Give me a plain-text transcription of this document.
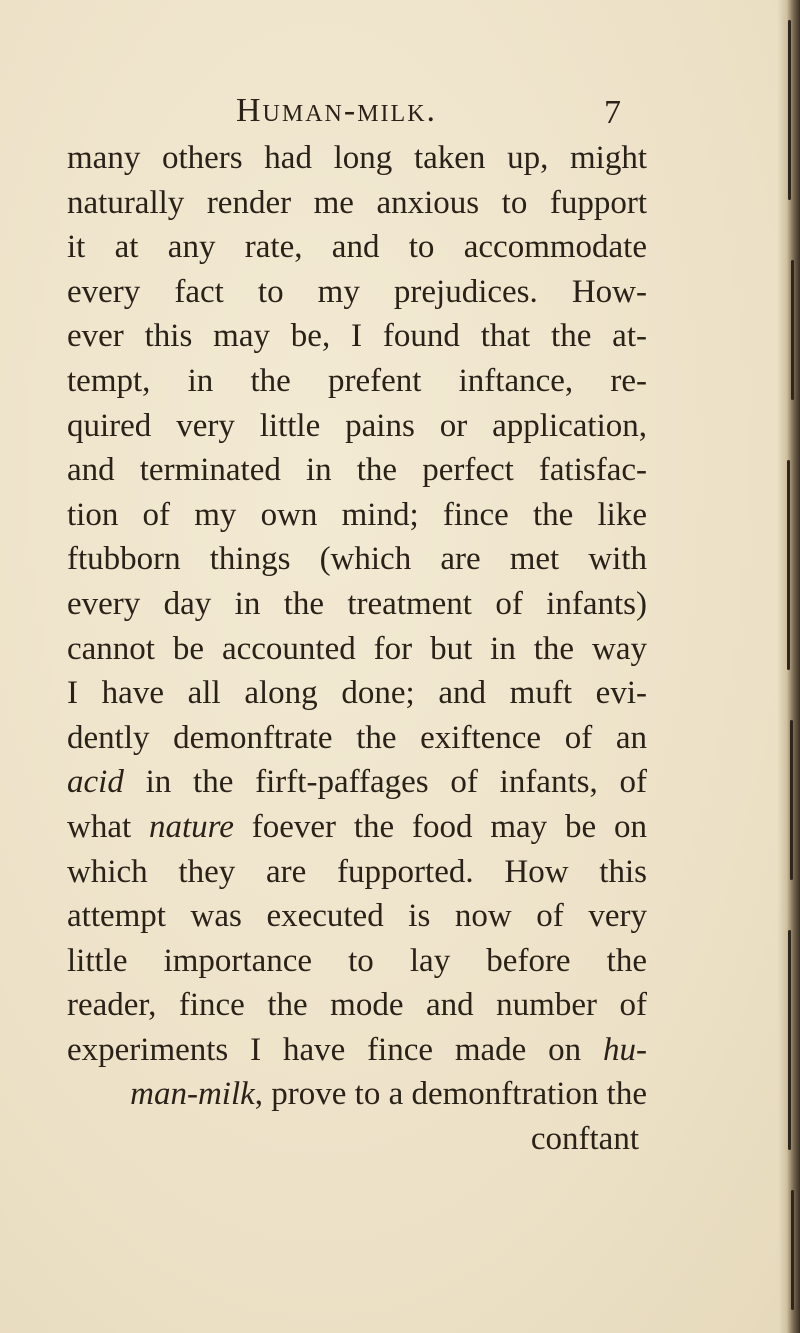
Human-milk.	7
many others had long taken up, might
naturally render me anxious to fupport
it at any rate, and to accommodate
every fact to my prejudices. How-
ever this may be, I found that the at-
tempt, in the prefent inftance, re-
quired very little pains or application,
and terminated in the perfect fatisfac-
tion of my own mind; fince the like
ftubborn things (which are met with
every day in the treatment of infants)
cannot be accounted for but in the way
I have all along done; and muft evi-
dently demonftrate the exiftence of an
acid in the firft-paffages of infants, of
what nature foever the food may be on
which they are fupported. How this
attempt was executed is now of very
little importance to lay before the
reader, fince the mode and number of
experiments I have fince made on hu-
man-milk, prove to a demonftration the
conftant
